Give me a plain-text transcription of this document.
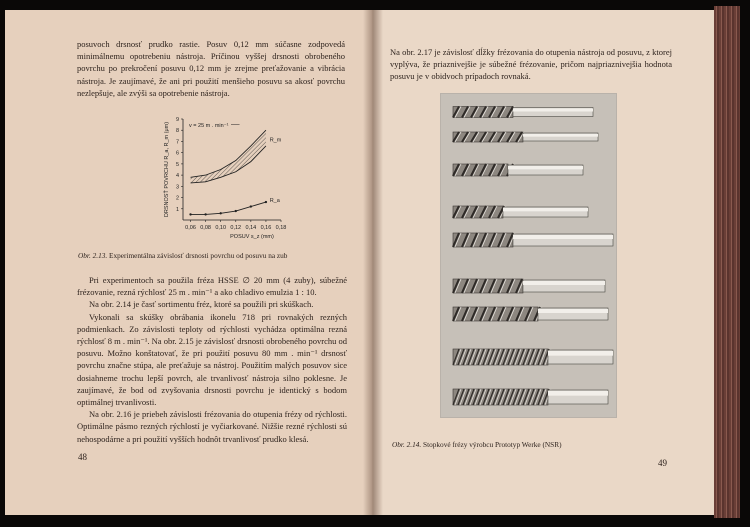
posuvoch drsnosť prudko rastie. Posuv 0,12 mm súčasne zodpovedá minimálnemu opotrebeniu nástroja. Príčinou vyššej drsnosti obrobeného povrchu po prekročení posuvu 0,12 mm je zrejme preťažovanie a vibrácia nástroja. Je zaujímavé, že ani pri použití menšieho posuvu sa akosť povrchu nezlepšuje, ale zvýši sa opotrebenie nástroja.

1
2
3
4
5
6
7
8
9
0,06 0,08 0,10 0,12 0,14 0,16 0,18
POSUV s_z (mm)
DRSNOSŤ POVRCHU R_a, R_m (μm)	v = 25 m . min⁻¹
R_m
R_a

Obr. 2.13. Experimentálna závislosť drsnosti povrchu od posuvu na zub

Pri experimentoch sa použila fréza HSSE ∅ 20 mm (4 zuby), súbežné frézovanie, rezná rýchlosť 25 m . min⁻¹ a ako chladivo emulzia 1 : 10.

Na obr. 2.14 je časť sortimentu fréz, ktoré sa použili pri skúškach.

Vykonali sa skúšky obrábania ikonelu 718 pri rovnakých rezných podmienkach. Zo závislosti teploty od rýchlosti vychádza optimálna rezná rýchlosť 8 m . min⁻¹. Na obr. 2.15 je závislosť drsnosti obrobeného povrchu od posuvu. Možno konštatovať, že pri použití posuvu 80 mm . min⁻¹ drsnosť povrchu značne stúpa, ale preťažuje sa nástroj. Použitím malých posuvov sice dosiahneme trochu lepší povrch, ale trvanlivosť nástroja silno poklesne. Je zaujímavé, že bod od zvyšovania drsnosti povrchu je identický s bodom optimálnej trvanlivosti.

Na obr. 2.16 je priebeh závislosti frézovania do otupenia frézy od rýchlosti. Optimálne pásmo rezných rýchlostí je vyčiarkované. Nižšie rezné rýchlosti sú nehospodárne a pri použití vyšších hodnôt trvanlivosť prudko klesá.

48

Na obr. 2.17 je závislosť dĺžky frézovania do otupenia nástroja od posuvu, z ktorej vyplýva, že priaznivejšie je súbežné frézovanie, pričom najpriaznivejšia hodnota posuvu je v obidvoch prípadoch rovnaká.

Obr. 2.14. Stopkové frézy výrobcu Prototyp Werke (NSR)

49
